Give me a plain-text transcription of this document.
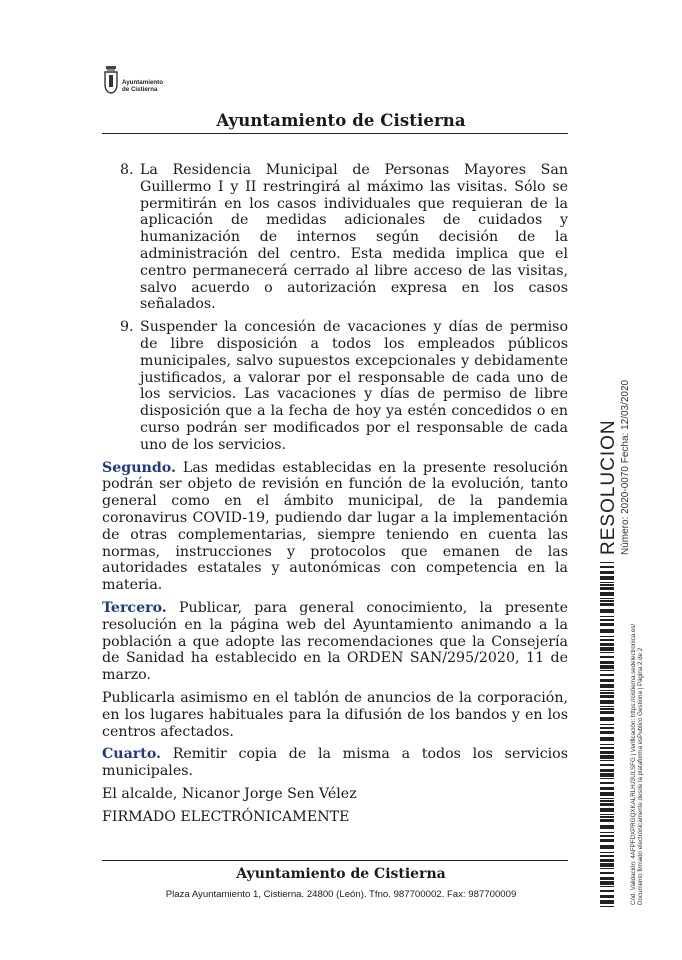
Ayuntamiento
de Cistierna
Ayuntamiento de Cistierna
8. La Residencia Municipal de Personas Mayores San Guillermo I y II restringirá al máximo las visitas. Sólo se permitirán en los casos individuales que requieran de la aplicación de medidas adicionales de cuidados y humanización de internos según decisión de la administración del centro. Esta medida implica que el centro permanecerá cerrado al libre acceso de las visitas, salvo acuerdo o autorización expresa en los casos señalados.
9. Suspender la concesión de vacaciones y días de permiso de libre disposición a todos los empleados públicos municipales, salvo supuestos excepcionales y debidamente justificados, a valorar por el responsable de cada uno de los servicios. Las vacaciones y días de permiso de libre disposición que a la fecha de hoy ya estén concedidos o en curso podrán ser modificados por el responsable de cada uno de los servicios.

Segundo. Las medidas establecidas en la presente resolución podrán ser objeto de revisión en función de la evolución, tanto general como en el ámbito municipal, de la pandemia coronavirus COVID-19, pudiendo dar lugar a la implementación de otras complementarias, siempre teniendo en cuenta las normas, instrucciones y protocolos que emanen de las autoridades estatales y autonómicas con competencia en la materia.

Tercero. Publicar, para general conocimiento, la presente resolución en la página web del Ayuntamiento animando a la población a que adopte las recomendaciones que la Consejería de Sanidad ha establecido en la ORDEN SAN/295/2020, 11 de marzo.

Publicarla asimismo en el tablón de anuncios de la corporación, en los lugares habituales para la difusión de los bandos y en los centros afectados.

Cuarto. Remitir copia de la misma a todos los servicios municipales.

El alcalde, Nicanor Jorge Sen Vélez

FIRMADO ELECTRÓNICAMENTE

Ayuntamiento de Cistierna
Plaza Ayuntamiento 1, Cistierna. 24800 (León). Tfno. 987700002. Fax: 987700009
RESOLUCION Número: 2020-0070 Fecha: 12/03/2020
Cód. Validación: 4AFPFDXPRGQXKALRLHJ3ULSFG | Verificación: https://cistierna.sedelectronica.es/
Documento firmado electrónicamente desde la plataforma esPublico Gestiona | Página 2 de 2
